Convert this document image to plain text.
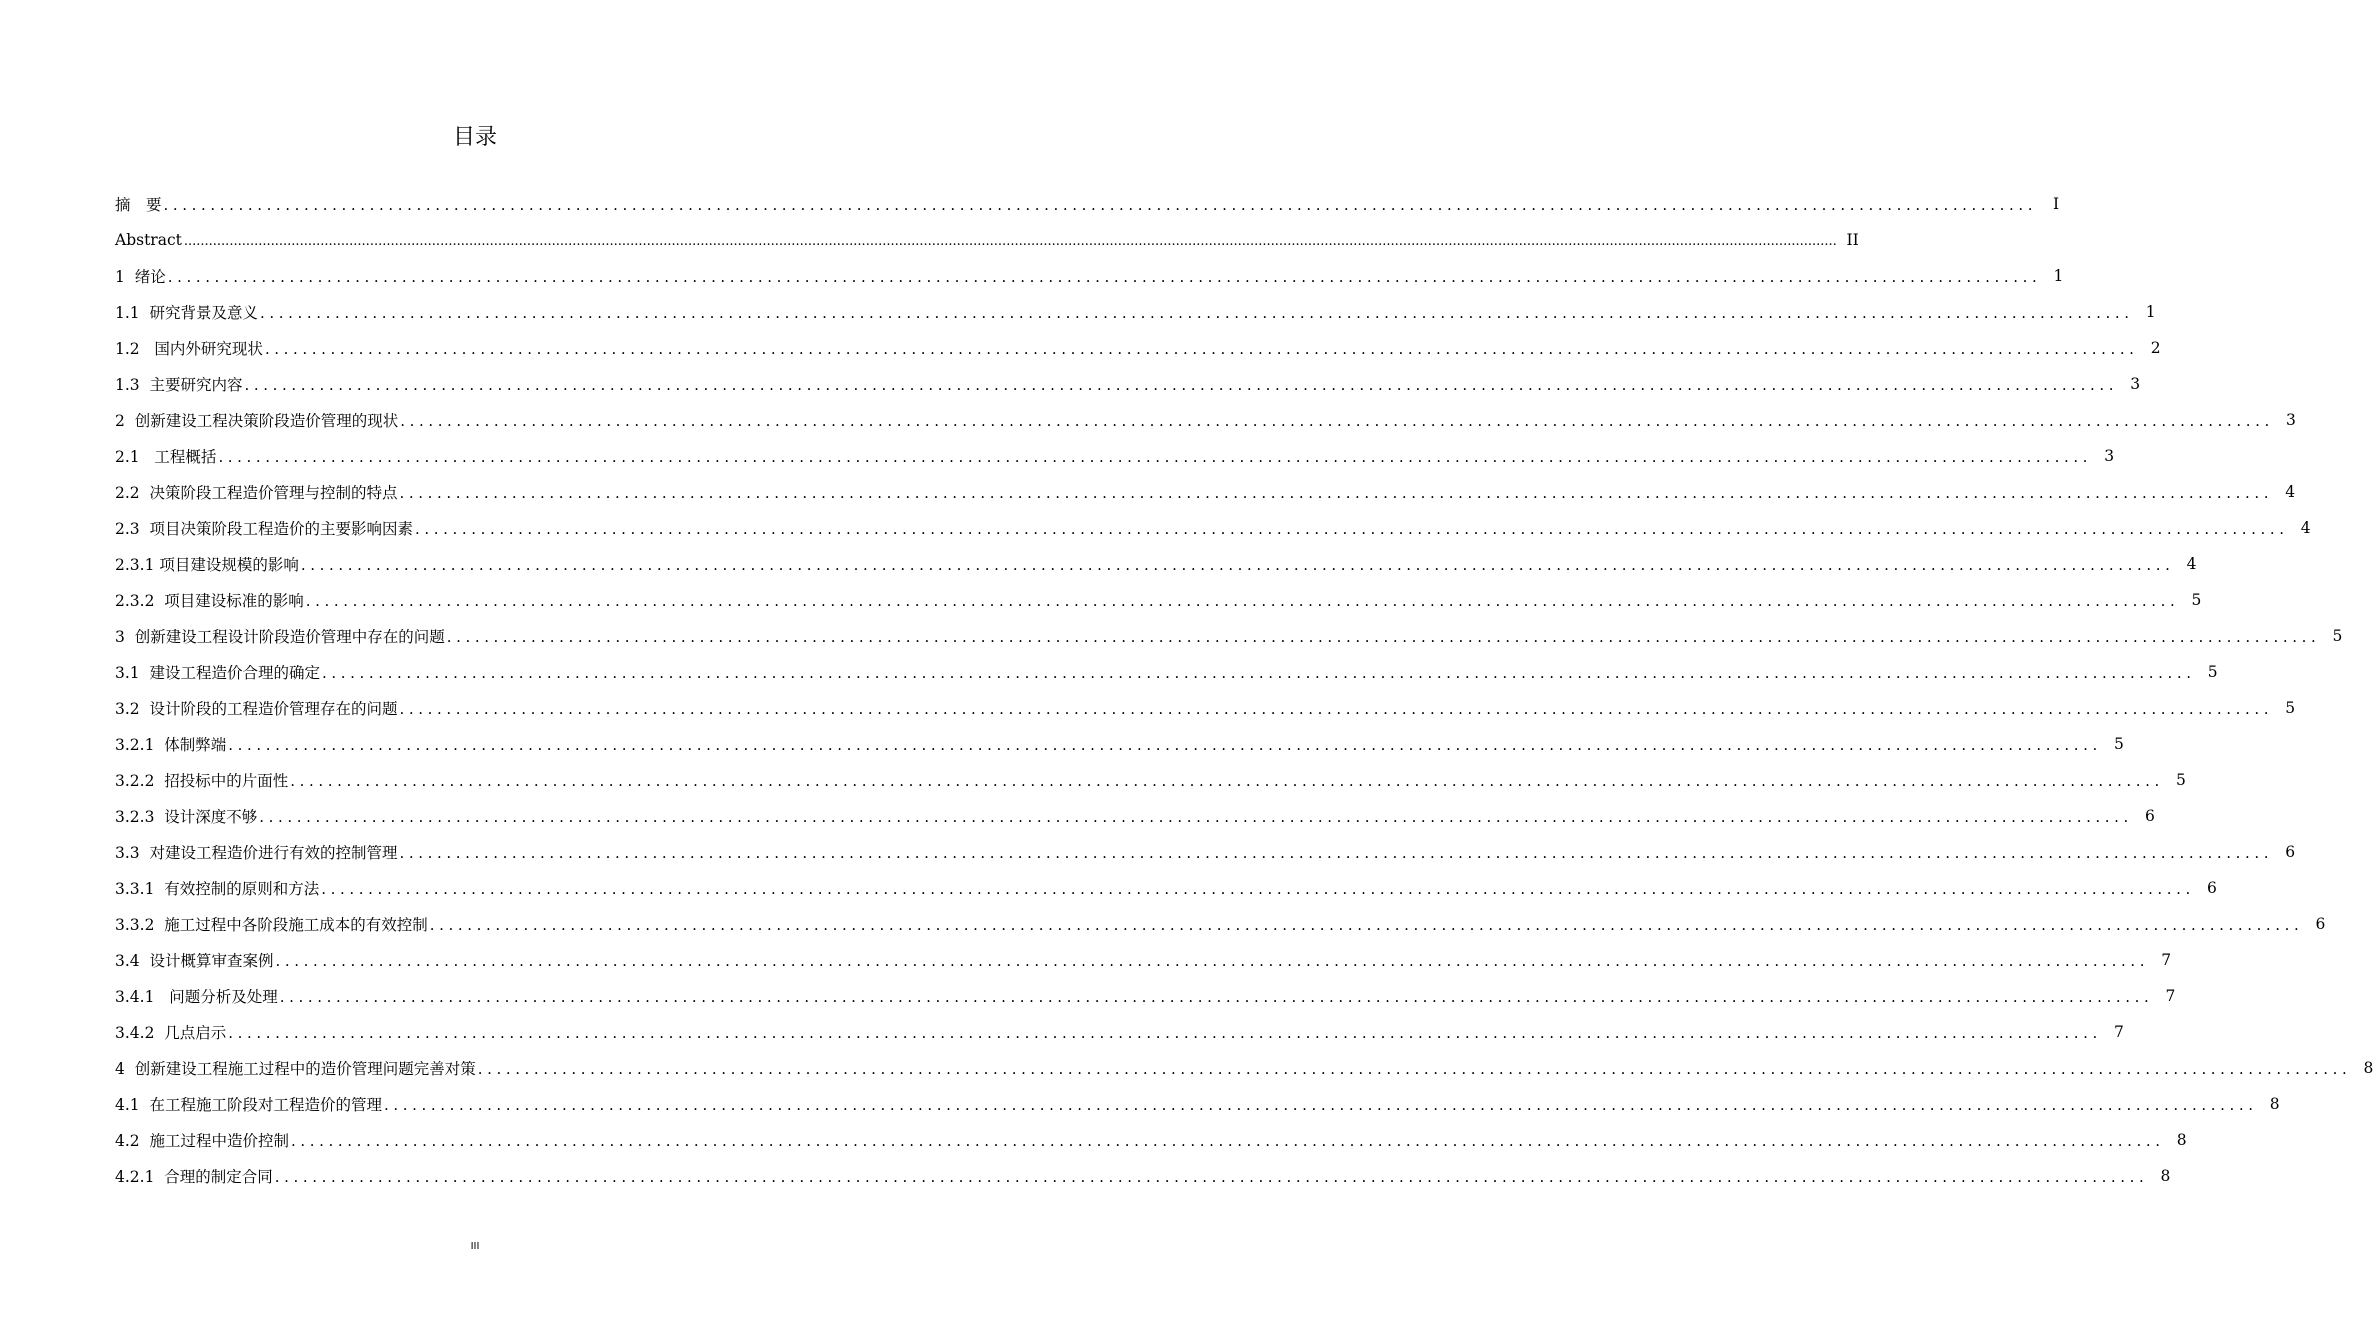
目录
摘　要 ........................................................................................................................................................................................................	I
Abstract ................................................................................................................................................................................................................................................................................................................................................................................................................ II
1  绪论 ........................................................................................................................................................................................................ 1
1.1  研究背景及意义 ........................................................................................................................................................................................................ 1
1.2   国内外研究现状 ........................................................................................................................................................................................................ 2
1.3  主要研究内容 ........................................................................................................................................................................................................ 3
2  创新建设工程决策阶段造价管理的现状 ........................................................................................................................................................................................................ 3
2.1   工程概括 ........................................................................................................................................................................................................ 3
2.2  决策阶段工程造价管理与控制的特点 ........................................................................................................................................................................................................ 4
2.3  项目决策阶段工程造价的主要影响因素 ........................................................................................................................................................................................................ 4
2.3.1 项目建设规模的影响 ........................................................................................................................................................................................................ 4
2.3.2  项目建设标准的影响 ........................................................................................................................................................................................................ 5
3  创新建设工程设计阶段造价管理中存在的问题 ........................................................................................................................................................................................................ 5
3.1  建设工程造价合理的确定 ........................................................................................................................................................................................................ 5
3.2  设计阶段的工程造价管理存在的问题 ........................................................................................................................................................................................................ 5
3.2.1  体制弊端 ........................................................................................................................................................................................................ 5
3.2.2  招投标中的片面性 ........................................................................................................................................................................................................ 5
3.2.3  设计深度不够 ........................................................................................................................................................................................................ 6
3.3  对建设工程造价进行有效的控制管理 ........................................................................................................................................................................................................ 6
3.3.1  有效控制的原则和方法 ........................................................................................................................................................................................................ 6
3.3.2  施工过程中各阶段施工成本的有效控制 ........................................................................................................................................................................................................ 6
3.4  设计概算审查案例 ........................................................................................................................................................................................................ 7
3.4.1   问题分析及处理 ........................................................................................................................................................................................................ 7
3.4.2  几点启示 ........................................................................................................................................................................................................ 7
4  创新建设工程施工过程中的造价管理问题完善对策 ........................................................................................................................................................................................................ 8
4.1  在工程施工阶段对工程造价的管理 ........................................................................................................................................................................................................ 8
4.2  施工过程中造价控制 ........................................................................................................................................................................................................ 8
4.2.1  合理的制定合同 ........................................................................................................................................................................................................ 8
III
